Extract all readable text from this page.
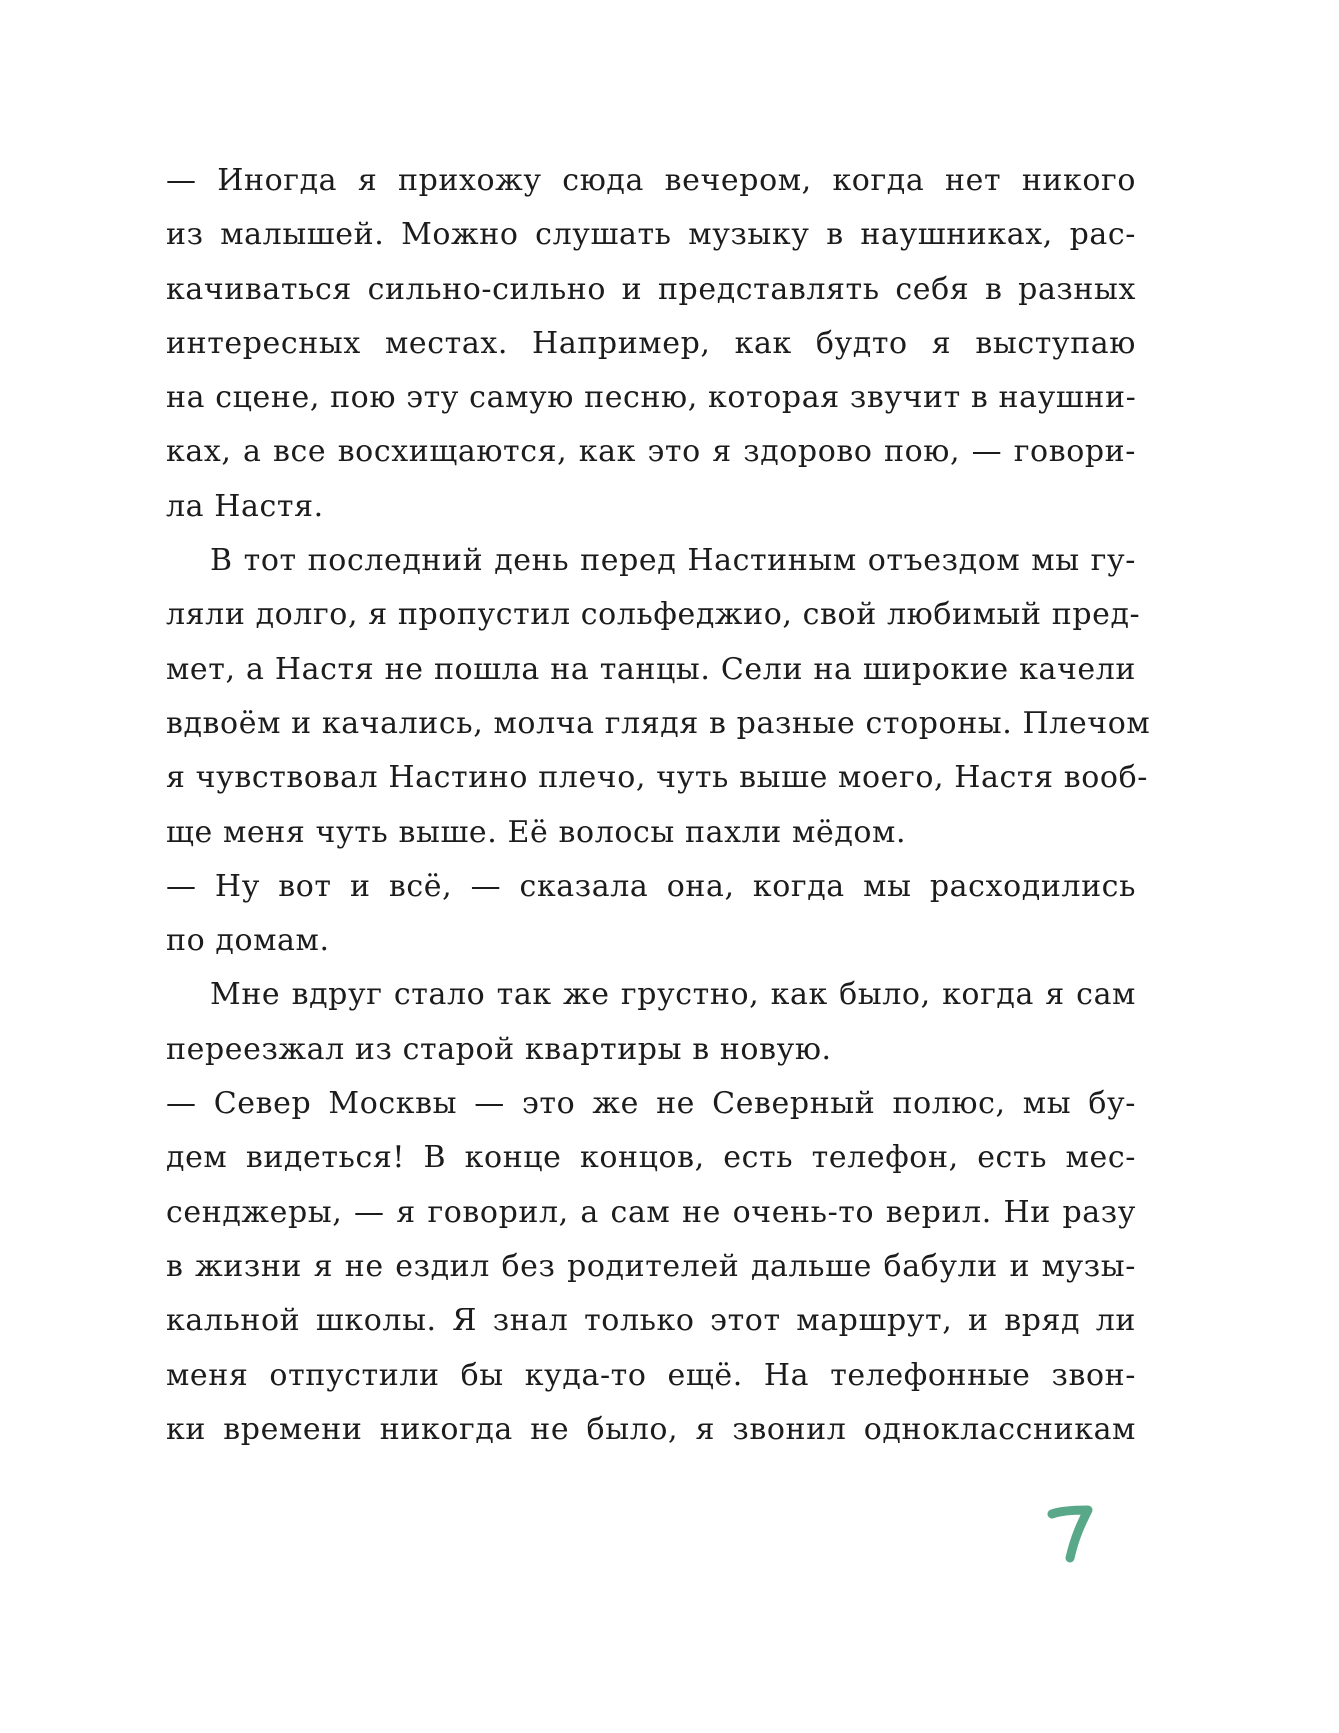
— Иногда я прихожу сюда вечером, когда нет никого
из малышей. Можно слушать музыку в наушниках, рас-
качиваться сильно-сильно и представлять себя в разных
интересных местах. Например, как будто я выступаю
на сцене, пою эту самую песню, которая звучит в наушни-
ках, а все восхищаются, как это я здорово пою, — говори-
ла Настя.
В тот последний день перед Настиным отъездом мы гу-
ляли долго, я пропустил сольфеджио, свой любимый пред-
мет, а Настя не пошла на танцы. Сели на широкие качели
вдвоём и качались, молча глядя в разные стороны. Плечом
я чувствовал Настино плечо, чуть выше моего, Настя вооб-
ще меня чуть выше. Её волосы пахли мёдом.
— Ну вот и всё, — сказала она, когда мы расходились
по домам.
Мне вдруг стало так же грустно, как было, когда я сам
переезжал из старой квартиры в новую.
— Север Москвы — это же не Северный полюс, мы бу-
дем видеться! В конце концов, есть телефон, есть мес-
сенджеры, — я говорил, а сам не очень-то верил. Ни разу
в жизни я не ездил без родителей дальше бабули и музы-
кальной школы. Я знал только этот маршрут, и вряд ли
меня отпустили бы куда-то ещё. На телефонные звон-
ки времени никогда не было, я звонил одноклассникам
